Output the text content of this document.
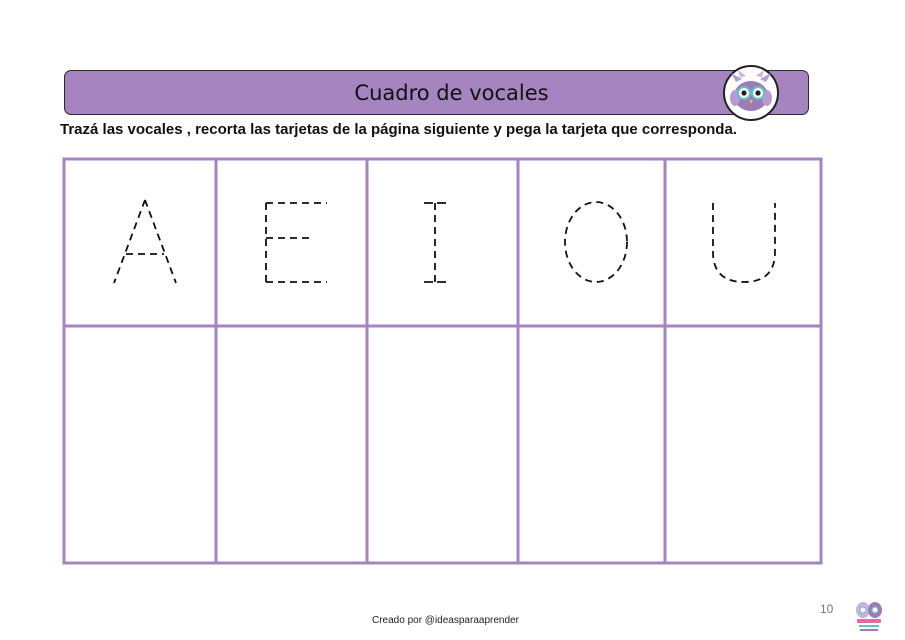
Cuadro de vocales
Trazá las vocales , recorta las tarjetas de la página siguiente y pega la tarjeta que corresponda.
Creado por @ideasparaaprender
10
